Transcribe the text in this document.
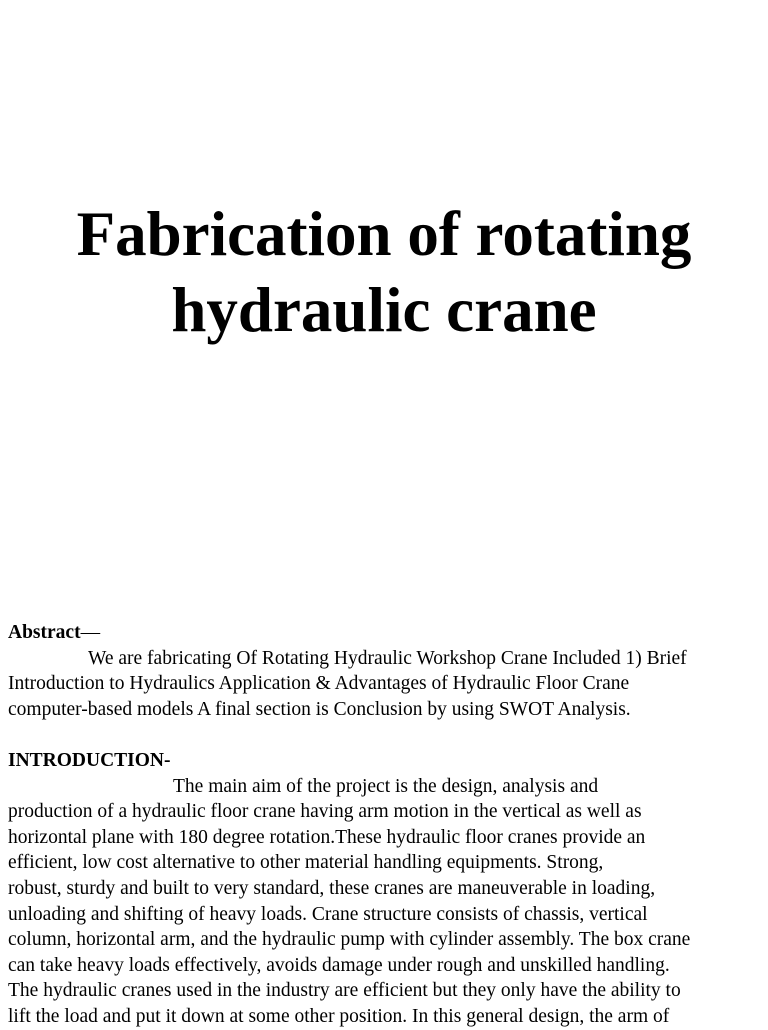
Fabrication of rotating
hydraulic crane
Abstract—
We are fabricating Of Rotating Hydraulic Workshop Crane Included 1) Brief
Introduction to Hydraulics Application & Advantages of Hydraulic Floor Crane
computer-based models A final section is Conclusion by using SWOT Analysis.
INTRODUCTION-
The main aim of the project is the design, analysis and
production of a hydraulic floor crane having arm motion in the vertical as well as
horizontal plane with 180 degree rotation.These hydraulic floor cranes provide an
efficient, low cost alternative to other material handling equipments. Strong,
robust, sturdy and built to very standard, these cranes are maneuverable in loading,
unloading and shifting of heavy loads. Crane structure consists of chassis, vertical
column, horizontal arm, and the hydraulic pump with cylinder assembly. The box crane
can take heavy loads effectively, avoids damage under rough and unskilled handling.
The hydraulic cranes used in the industry are efficient but they only have the ability to
lift the load and put it down at some other position. In this general design, the arm of
